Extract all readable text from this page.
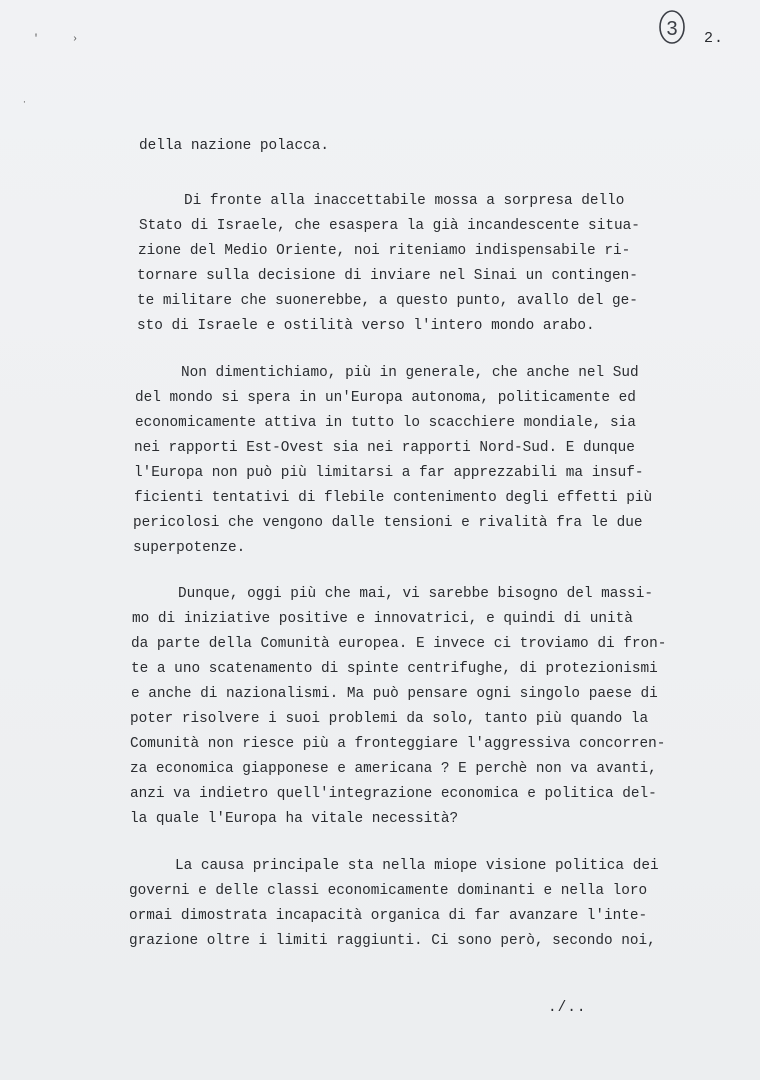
3 2.
'	›
·
della nazione polacca.
Di fronte alla inaccettabile mossa a sorpresa dello
Stato di Israele, che esaspera la già incandescente situa-
zione del Medio Oriente, noi riteniamo indispensabile ri-
tornare sulla decisione di inviare nel Sinai un contingen-
te militare che suonerebbe, a questo punto, avallo del ge-
sto di Israele e ostilità verso l'intero mondo arabo.
Non dimentichiamo, più in generale, che anche nel Sud
del mondo si spera in un'Europa autonoma, politicamente ed
economicamente attiva in tutto lo scacchiere mondiale, sia
nei rapporti Est-Ovest sia nei rapporti Nord-Sud. E dunque
l'Europa non può più limitarsi a far apprezzabili ma insuf-
ficienti tentativi di flebile contenimento degli effetti più
pericolosi che vengono dalle tensioni e rivalità fra le due
superpotenze.
Dunque, oggi più che mai, vi sarebbe bisogno del massi-
mo di iniziative positive e innovatrici, e quindi di unità
da parte della Comunità europea. E invece ci troviamo di fron-
te a uno scatenamento di spinte centrifughe, di protezionismi
e anche di nazionalismi. Ma può pensare ogni singolo paese di
poter risolvere i suoi problemi da solo, tanto più quando la
Comunità non riesce più a fronteggiare l'aggressiva concorren-
za economica giapponese e americana ? E perchè non va avanti,
anzi va indietro quell'integrazione economica e politica del-
la quale l'Europa ha vitale necessità?
La causa principale sta nella miope visione politica dei
governi e delle classi economicamente dominanti e nella loro
ormai dimostrata incapacità organica di far avanzare l'inte-
grazione oltre i limiti raggiunti. Ci sono però, secondo noi,
./..
